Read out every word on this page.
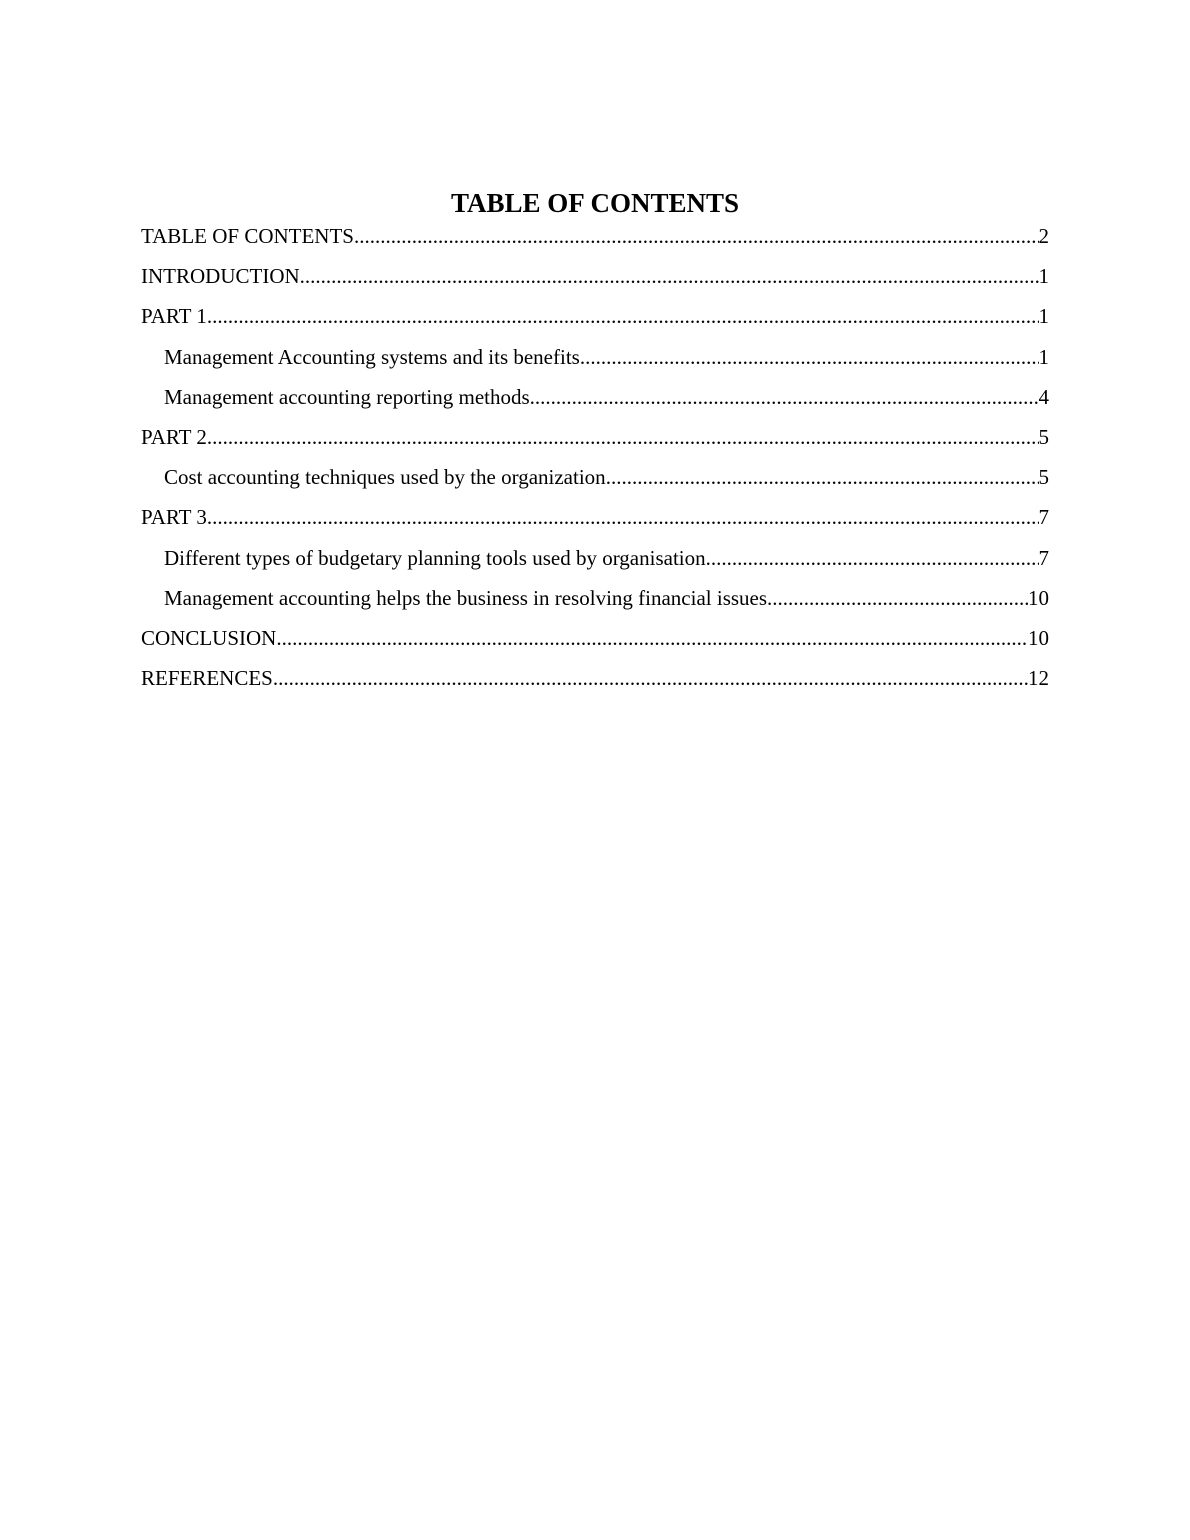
TABLE OF CONTENTS
TABLE OF CONTENTS .....	2
INTRODUCTION .....	1
PART 1 .....	1
Management Accounting systems and its benefits .....	1
Management accounting reporting methods .....	4
PART 2 .....	5
Cost accounting techniques used by the organization .....	5
PART 3 .....	7
Different types of budgetary planning tools used by organisation .....	7
Management accounting helps the business in resolving financial issues .....	10
CONCLUSION .....	10
REFERENCES .....	12
